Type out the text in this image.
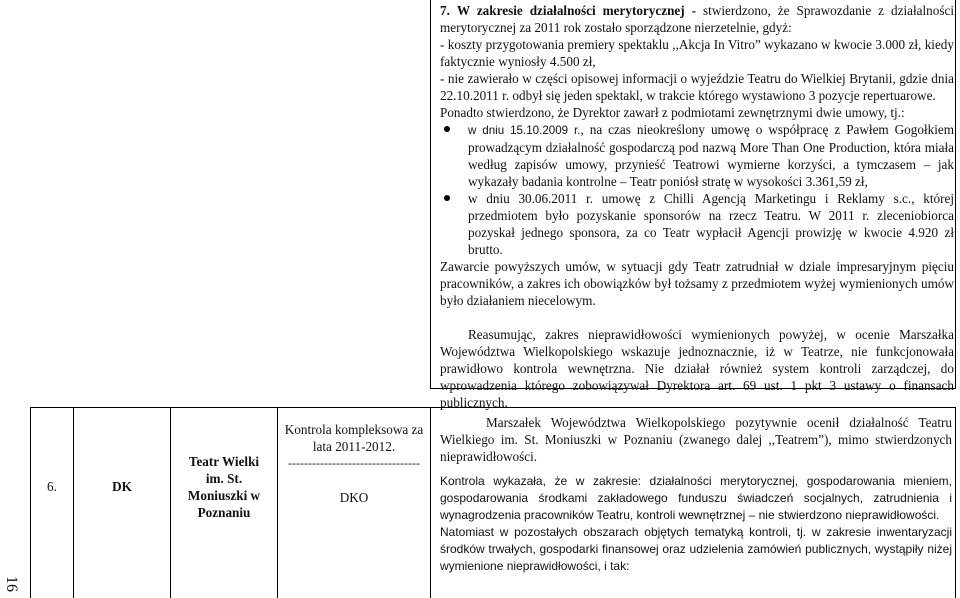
16

7. W zakresie działalności merytorycznej - stwierdzono, że Sprawozdanie z działalności merytorycznej za 2011 rok zostało sporządzone nierzetelnie, gdyż:

- koszty przygotowania premiery spektaklu ,,Akcja In Vitro” wykazano w kwocie 3.000 zł, kiedy faktycznie wyniosły 4.500 zł,

- nie zawierało w części opisowej informacji o wyjeździe Teatru do Wielkiej Brytanii, gdzie dnia 22.10.2011 r. odbył się jeden spektakl, w trakcie którego wystawiono 3 pozycje repertuarowe.

Ponadto stwierdzono, że Dyrektor zawarł z podmiotami zewnętrznymi dwie umowy, tj.:

w dniu 15.10.2009 r., na czas nieokreślony umowę o współpracę z Pawłem Gogołkiem prowadzącym działalność gospodarczą pod nazwą More Than One Production, która miała według zapisów umowy, przynieść Teatrowi wymierne korzyści, a tymczasem – jak wykazały badania kontrolne – Teatr poniósł stratę w wysokości 3.361,59 zł,
w dniu 30.06.2011 r. umowę z Chilli Agencją Marketingu i Reklamy s.c., której przedmiotem było pozyskanie sponsorów na rzecz Teatru. W 2011 r. zleceniobiorca pozyskał jednego sponsora, za co Teatr wypłacił Agencji prowizję w kwocie 4.920 zł brutto.

Zawarcie powyższych umów, w sytuacji gdy Teatr zatrudniał w dziale impresaryjnym pięciu pracowników, a zakres ich obowiązków był tożsamy z przedmiotem wyżej wymienionych umów było działaniem niecelowym.

Reasumując, zakres nieprawidłowości wymienionych powyżej, w ocenie Marszałka Województwa Wielkopolskiego wskazuje jednoznacznie, iż w Teatrze, nie funkcjonowała prawidłowo kontrola wewnętrzna. Nie działał również system kontroli zarządczej, do wprowadzenia którego zobowiązywał Dyrektora art. 69 ust. 1 pkt 3 ustawy o finansach publicznych.

6.	DK
Teatr Wielki im. St. Moniuszki w Poznaniu
Kontrola kompleksowa za lata 2011-2012.
---------------------------------
DKO

Marszałek Województwa Wielkopolskiego pozytywnie ocenił działalność Teatru Wielkiego im. St. Moniuszki w Poznaniu (zwanego dalej ,,Teatrem”), mimo stwierdzonych nieprawidłowości.

Kontrola wykazała, że w zakresie: działalności merytorycznej, gospodarowania mieniem, gospodarowania środkami zakładowego funduszu świadczeń socjalnych, zatrudnienia i wynagrodzenia pracowników Teatru, kontroli wewnętrznej – nie stwierdzono nieprawidłowości.

Natomiast w pozostałych obszarach objętych tematyką kontroli, tj. w zakresie inwentaryzacji środków trwałych, gospodarki finansowej oraz udzielenia zamówień publicznych, wystąpiły niżej wymienione nieprawidłowości, i tak:
